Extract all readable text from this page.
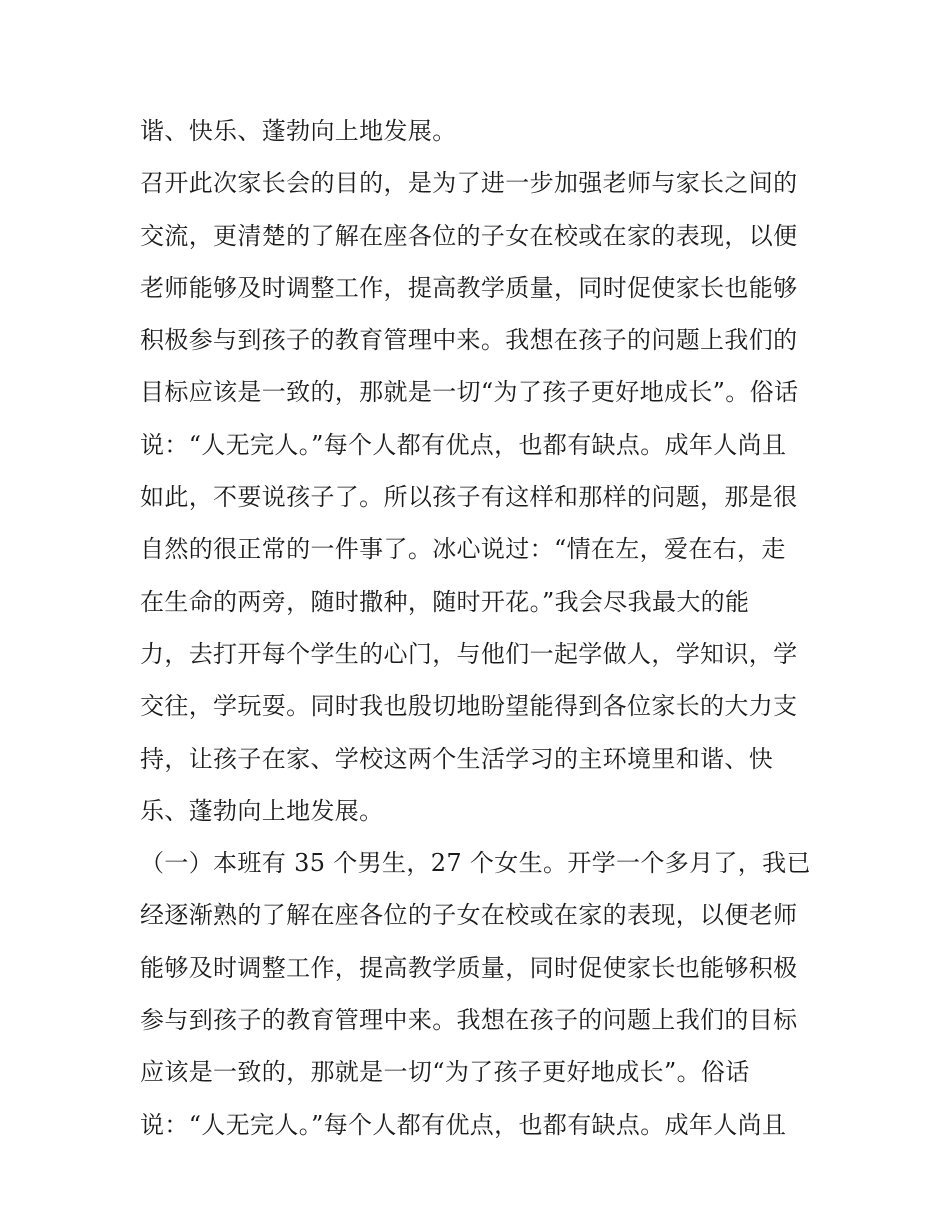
谐、快乐、蓬勃向上地发展。
召开此次家长会的目的，是为了进一步加强老师与家长之间的
交流，更清楚的了解在座各位的子女在校或在家的表现，以便
老师能够及时调整工作，提高教学质量，同时促使家长也能够
积极参与到孩子的教育管理中来。我想在孩子的问题上我们的
目标应该是一致的，那就是一切“为了孩子更好地成长”。俗话
说：“人无完人。”每个人都有优点，也都有缺点。成年人尚且
如此，不要说孩子了。所以孩子有这样和那样的问题，那是很
自然的很正常的一件事了。冰心说过：“情在左，爱在右，走
在生命的两旁，随时撒种，随时开花。”我会尽我最大的能
力，去打开每个学生的心门，与他们一起学做人，学知识，学
交往，学玩耍。同时我也殷切地盼望能得到各位家长的大力支
持，让孩子在家、学校这两个生活学习的主环境里和谐、快
乐、蓬勃向上地发展。
（一）本班有 35 个男生，27 个女生。开学一个多月了，我已
经逐渐熟的了解在座各位的子女在校或在家的表现，以便老师
能够及时调整工作，提高教学质量，同时促使家长也能够积极
参与到孩子的教育管理中来。我想在孩子的问题上我们的目标
应该是一致的，那就是一切“为了孩子更好地成长”。俗话
说：“人无完人。”每个人都有优点，也都有缺点。成年人尚且
